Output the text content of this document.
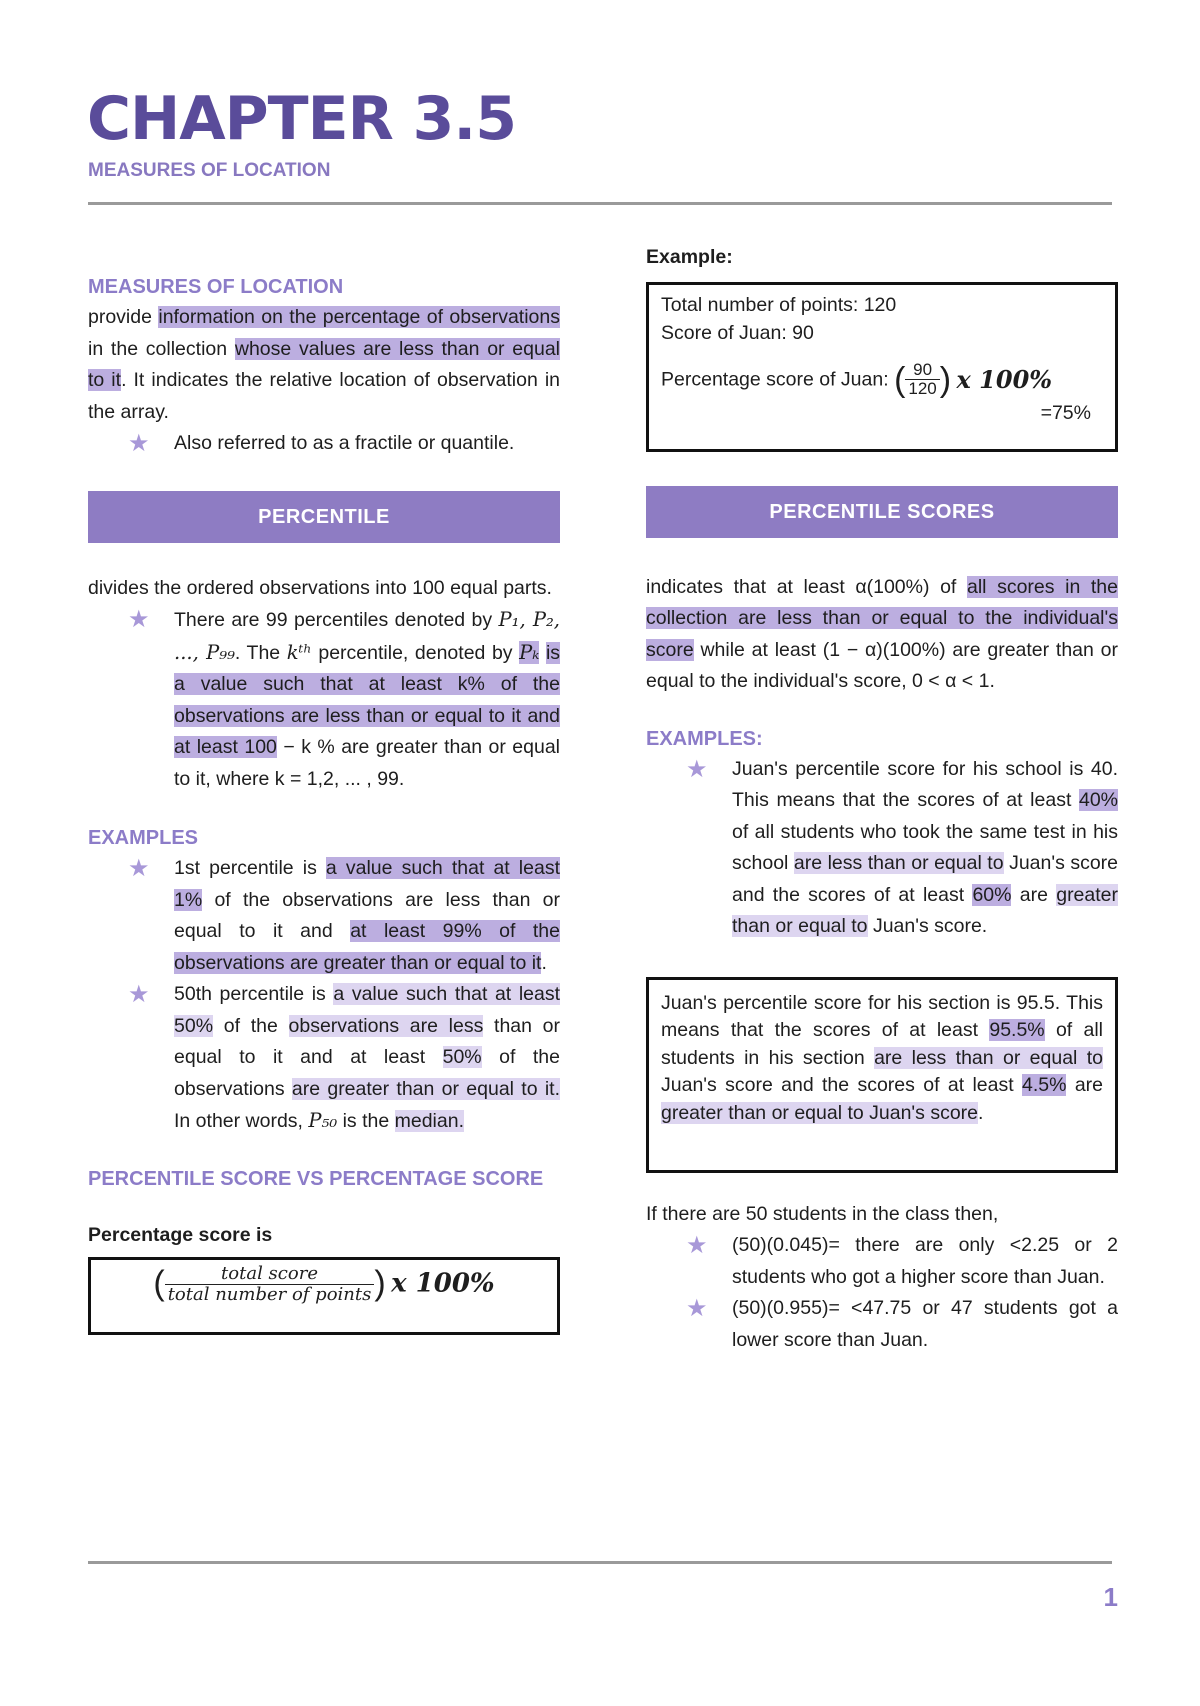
CHAPTER 3.5
MEASURES OF LOCATION
MEASURES OF LOCATION

provide information on the percentage of observations in the collection whose values are less than or equal to it. It indicates the relative location of observation in the array.

★ Also referred to as a fractile or quantile.
PERCENTILE

divides the ordered observations into 100 equal parts.

★ There are 99 percentiles denoted by P₁, P₂, ..., P₉₉. The kᵗʰ percentile, denoted by Pₖ is a value such that at least k% of the observations are less than or equal to it and at least 100 − k % are greater than or equal to it, where k = 1,2, ... , 99.
EXAMPLES
★ 1st percentile is a value such that at least 1% of the observations are less than or equal to it and at least 99% of the observations are greater than or equal to it.
★ 50th percentile is a value such that at least 50% of the observations are less than or equal to it and at least 50% of the observations are greater than or equal to it. In other words, P₅₀ is the median.
PERCENTILE SCORE VS PERCENTAGE SCORE

Percentage score is

( $\frac{\text{total score}}{\text{total number of points}}$ ) x 100%

Example:

Total number of points: 120
Score of Juan: 90
Percentage score of Juan: ( $\frac{90}{120}$ ) x 100%
=75%
PERCENTILE SCORES

indicates that at least α(100%) of all scores in the collection are less than or equal to the individual's score while at least (1 − α)(100%) are greater than or equal to the individual's score, 0 < α < 1.

EXAMPLES:
★ Juan's percentile score for his school is 40. This means that the scores of at least 40% of all students who took the same test in his school are less than or equal to Juan's score and the scores of at least 60% are greater than or equal to Juan's score.
Juan's percentile score for his section is 95.5. This means that the scores of at least 95.5% of all students in his section are less than or equal to Juan's score and the scores of at least 4.5% are greater than or equal to Juan's score.

If there are 50 students in the class then,

★ (50)(0.045)= there are only <2.25 or 2 students who got a higher score than Juan.
★ (50)(0.955)= <47.75 or 47 students got a lower score than Juan.
1
